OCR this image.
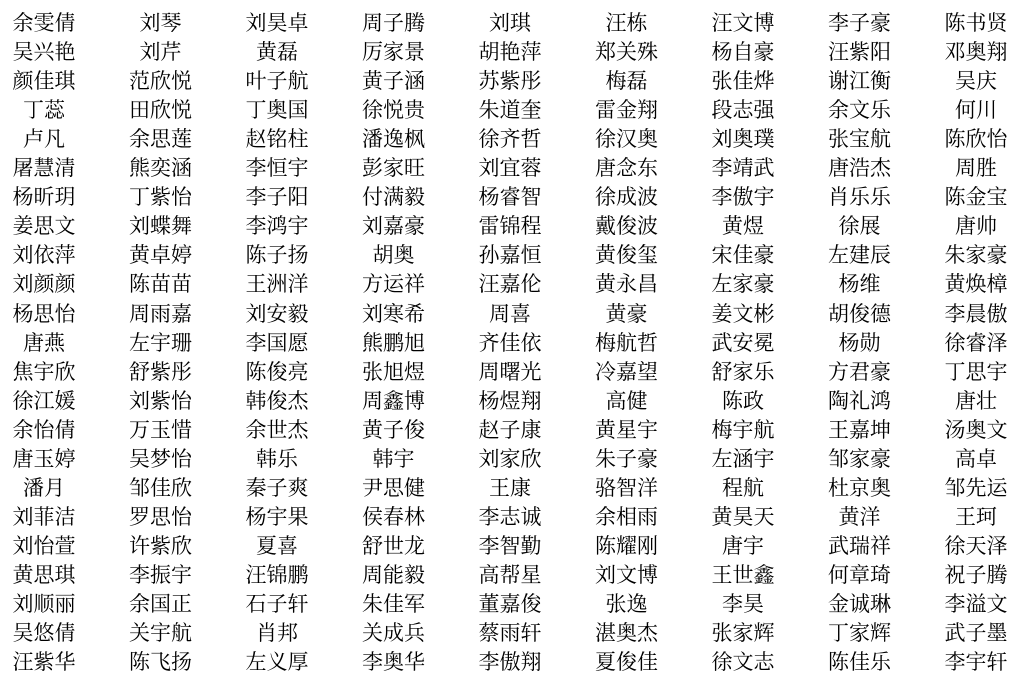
余雯倩	刘琴	刘昊卓	周子腾	刘琪	汪栋	汪文博	李子豪	陈书贤
吴兴艳	刘芹	黄磊	厉家景	胡艳萍	郑关殊	杨自豪	汪紫阳	邓奥翔
颜佳琪	范欣悦	叶子航	黄子涵	苏紫彤	梅磊	张佳烨	谢江衡	吴庆
丁蕊	田欣悦	丁奥国	徐悦贵	朱道奎	雷金翔	段志强	余文乐	何川
卢凡	余思莲	赵铭柱	潘逸枫	徐齐哲	徐汉奥	刘奥璞	张宝航	陈欣怡
屠慧清	熊奕涵	李恒宇	彭家旺	刘宜蓉	唐念东	李靖武	唐浩杰	周胜
杨昕玥	丁紫怡	李子阳	付满毅	杨睿智	徐成波	李傲宇	肖乐乐	陈金宝
姜思文	刘蝶舞	李鸿宇	刘嘉豪	雷锦程	戴俊波	黄煜	徐展	唐帅
刘依萍	黄卓婷	陈子扬	胡奥	孙嘉恒	黄俊玺	宋佳豪	左建辰	朱家豪
刘颜颜	陈苗苗	王洲洋	方运祥	汪嘉伦	黄永昌	左家豪	杨维	黄焕樟
杨思怡	周雨嘉	刘安毅	刘寒希	周喜	黄豪	姜文彬	胡俊德	李晨傲
唐燕	左宇珊	李国愿	熊鹏旭	齐佳依	梅航哲	武安冕	杨勋	徐睿泽
焦宇欣	舒紫彤	陈俊亮	张旭煜	周曙光	冷嘉望	舒家乐	方君豪	丁思宇
徐江媛	刘紫怡	韩俊杰	周鑫博	杨煜翔	高健	陈政	陶礼鸿	唐壮
余怡倩	万玉惜	余世杰	黄子俊	赵子康	黄星宇	梅宇航	王嘉坤	汤奥文
唐玉婷	吴梦怡	韩乐	韩宇	刘家欣	朱子豪	左涵宇	邹家豪	高卓
潘月	邹佳欣	秦子爽	尹思健	王康	骆智洋	程航	杜京奥	邹先运
刘菲洁	罗思怡	杨宇果	侯春林	李志诚	余相雨	黄昊天	黄洋	王珂
刘怡萱	许紫欣	夏喜	舒世龙	李智勤	陈耀刚	唐宇	武瑞祥	徐天泽
黄思琪	李振宇	汪锦鹏	周能毅	高帮星	刘文博	王世鑫	何章琦	祝子腾
刘顺丽	余国正	石子轩	朱佳军	董嘉俊	张逸	李昊	金诚琳	李溢文
吴悠倩	关宇航	肖邦	关成兵	蔡雨轩	湛奥杰	张家辉	丁家辉	武子墨
汪紫华	陈飞扬	左义厚	李奥华	李傲翔	夏俊佳	徐文志	陈佳乐	李宇轩
